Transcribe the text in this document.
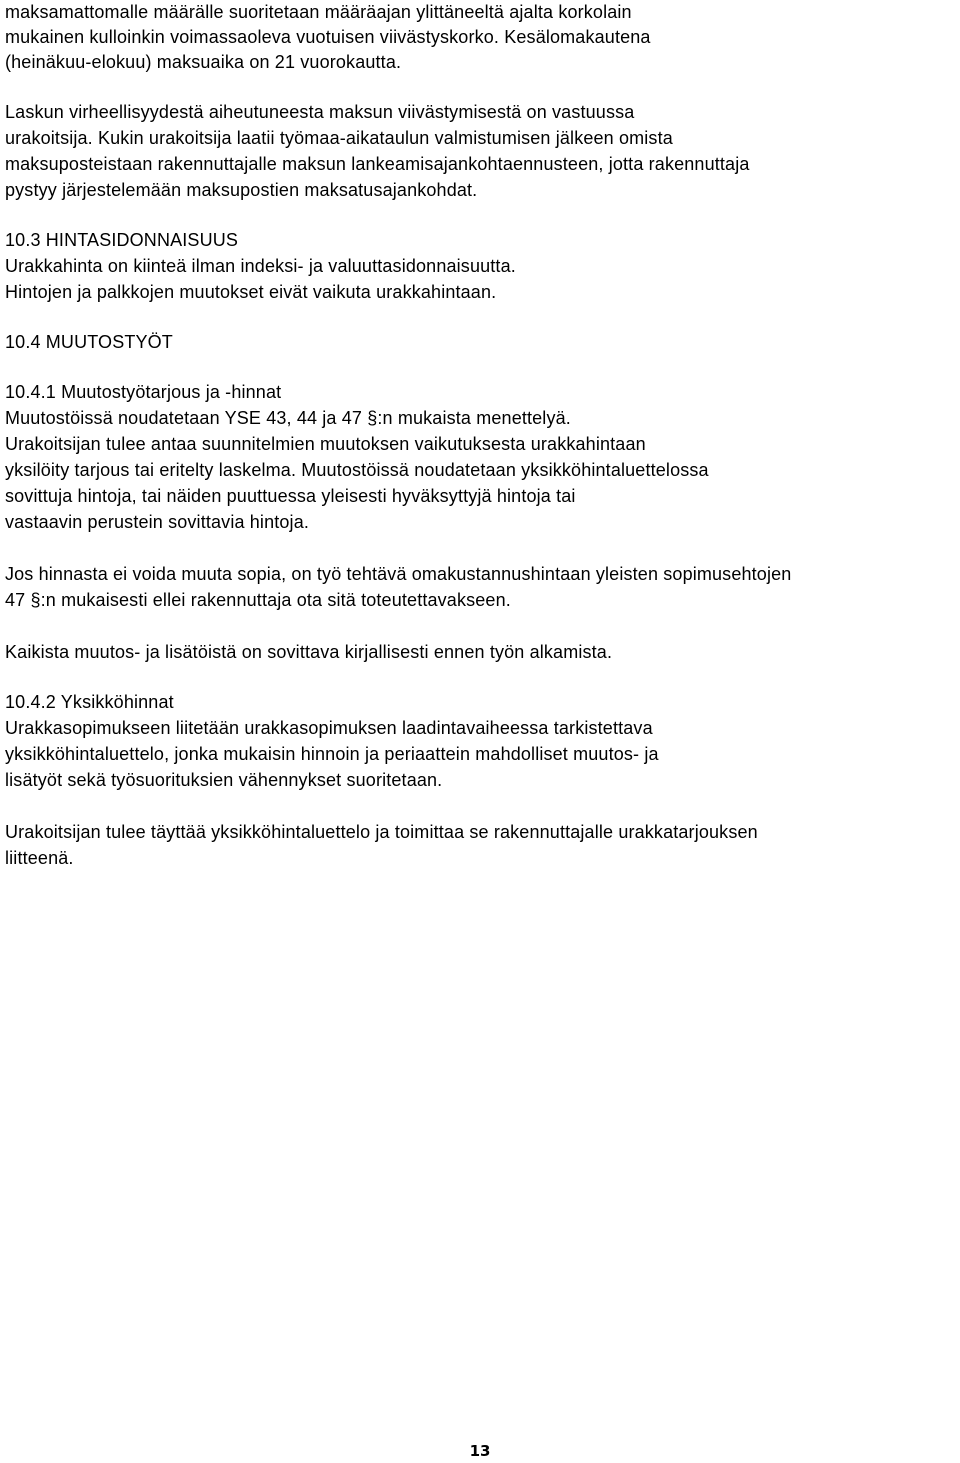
maksamattomalle määrälle suoritetaan määräajan ylittäneeltä ajalta korkolain
mukainen kulloinkin voimassaoleva vuotuisen viivästyskorko. Kesälomakautena
(heinäkuu-elokuu) maksuaika on 21 vuorokautta.
Laskun virheellisyydestä aiheutuneesta maksun viivästymisestä on vastuussa
urakoitsija. Kukin urakoitsija laatii työmaa-aikataulun valmistumisen jälkeen omista
maksuposteistaan rakennuttajalle maksun lankeamisajankohtaennusteen, jotta rakennuttaja
pystyy järjestelemään maksupostien maksatusajankohdat.
10.3 HINTASIDONNAISUUS
Urakkahinta on kiinteä ilman indeksi- ja valuuttasidonnaisuutta.
Hintojen ja palkkojen muutokset eivät vaikuta urakkahintaan.
10.4 MUUTOSTYÖT
10.4.1 Muutostyötarjous ja -hinnat
Muutostöissä noudatetaan YSE 43, 44 ja 47 §:n mukaista menettelyä.
Urakoitsijan tulee antaa suunnitelmien muutoksen vaikutuksesta urakkahintaan
yksilöity tarjous tai eritelty laskelma. Muutostöissä noudatetaan yksikköhintaluettelossa
sovittuja hintoja, tai näiden puuttuessa yleisesti hyväksyttyjä hintoja tai
vastaavin perustein sovittavia hintoja.
Jos hinnasta ei voida muuta sopia, on työ tehtävä omakustannushintaan yleisten sopimusehtojen
47 §:n mukaisesti ellei rakennuttaja ota sitä toteutettavakseen.
Kaikista muutos- ja lisätöistä on sovittava kirjallisesti ennen työn alkamista.
10.4.2 Yksikköhinnat
Urakkasopimukseen liitetään urakkasopimuksen laadintavaiheessa tarkistettava
yksikköhintaluettelo, jonka mukaisin hinnoin ja periaattein mahdolliset muutos- ja
lisätyöt sekä työsuorituksien vähennykset suoritetaan.
Urakoitsijan tulee täyttää yksikköhintaluettelo ja toimittaa se rakennuttajalle urakkatarjouksen
liitteenä.
13
